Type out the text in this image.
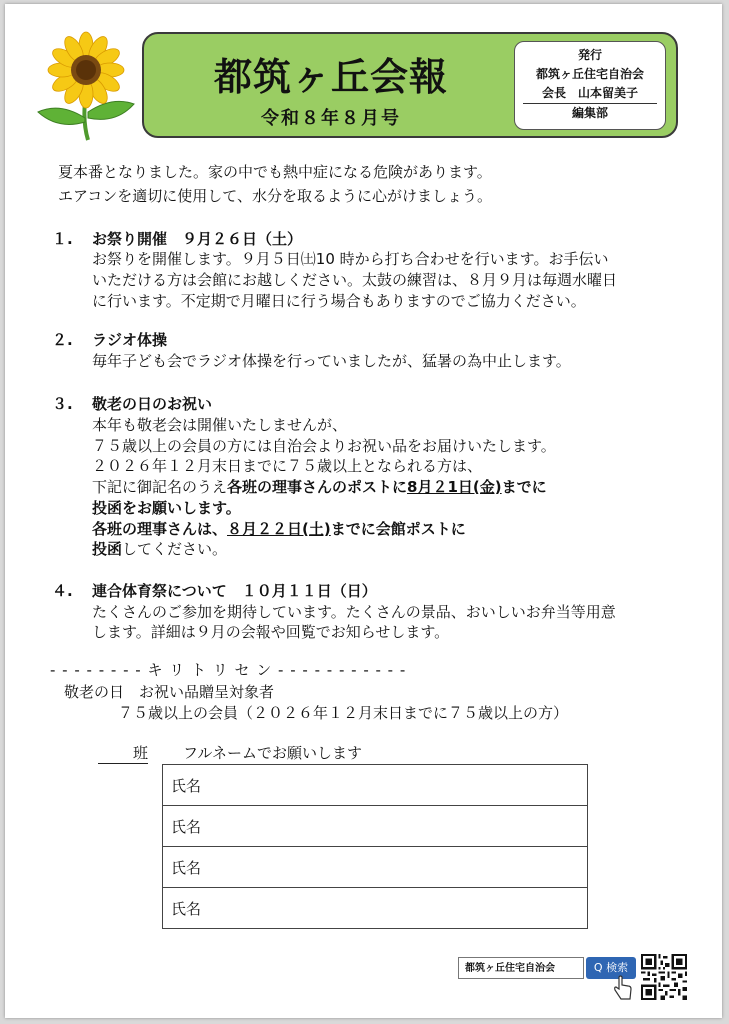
都筑ヶ丘会報
令和８年８月号
発行
都筑ヶ丘住宅自治会
会長　山本留美子
編集部
夏本番となりました。家の中でも熱中症になる危険があります。
エアコンを適切に使用して、水分を取るように心がけましょう。
１. お祭り開催　９月２６日（土）
お祭りを開催します。９月５日㈯10 時から打ち合わせを行います。お手伝い
いただける方は会館にお越しください。太鼓の練習は、８月９月は毎週水曜日
に行います。不定期で月曜日に行う場合もありますのでご協力ください。
２. ラジオ体操
毎年子ども会でラジオ体操を行っていましたが、猛暑の為中止します。
３. 敬老の日のお祝い
本年も敬老会は開催いたしませんが、
７５歳以上の会員の方には自治会よりお祝い品をお届けいたします。
２０２６年１２月末日までに７５歳以上となられる方は、
下記に御記名のうえ各班の理事さんのポストに8月２1日(金)までに
投函をお願いします。
各班の理事さんは、８月２２日(土)までに会館ポストに
投函してください。
４. 連合体育祭について　１０月１１日（日）
たくさんのご参加を期待しています。たくさんの景品、おいしいお弁当等用意
します。詳細は９月の会報や回覧でお知らせします。
- - - - - - - - キ リ ト リ セ ン - - - - - - - - - - -
敬老の日　お祝い品贈呈対象者
７５歳以上の会員（２０２６年１２月末日までに７５歳以上の方）
班 フルネームでお願いします
氏名
氏名
氏名
氏名
都筑ヶ丘住宅自治会	Q 検索
